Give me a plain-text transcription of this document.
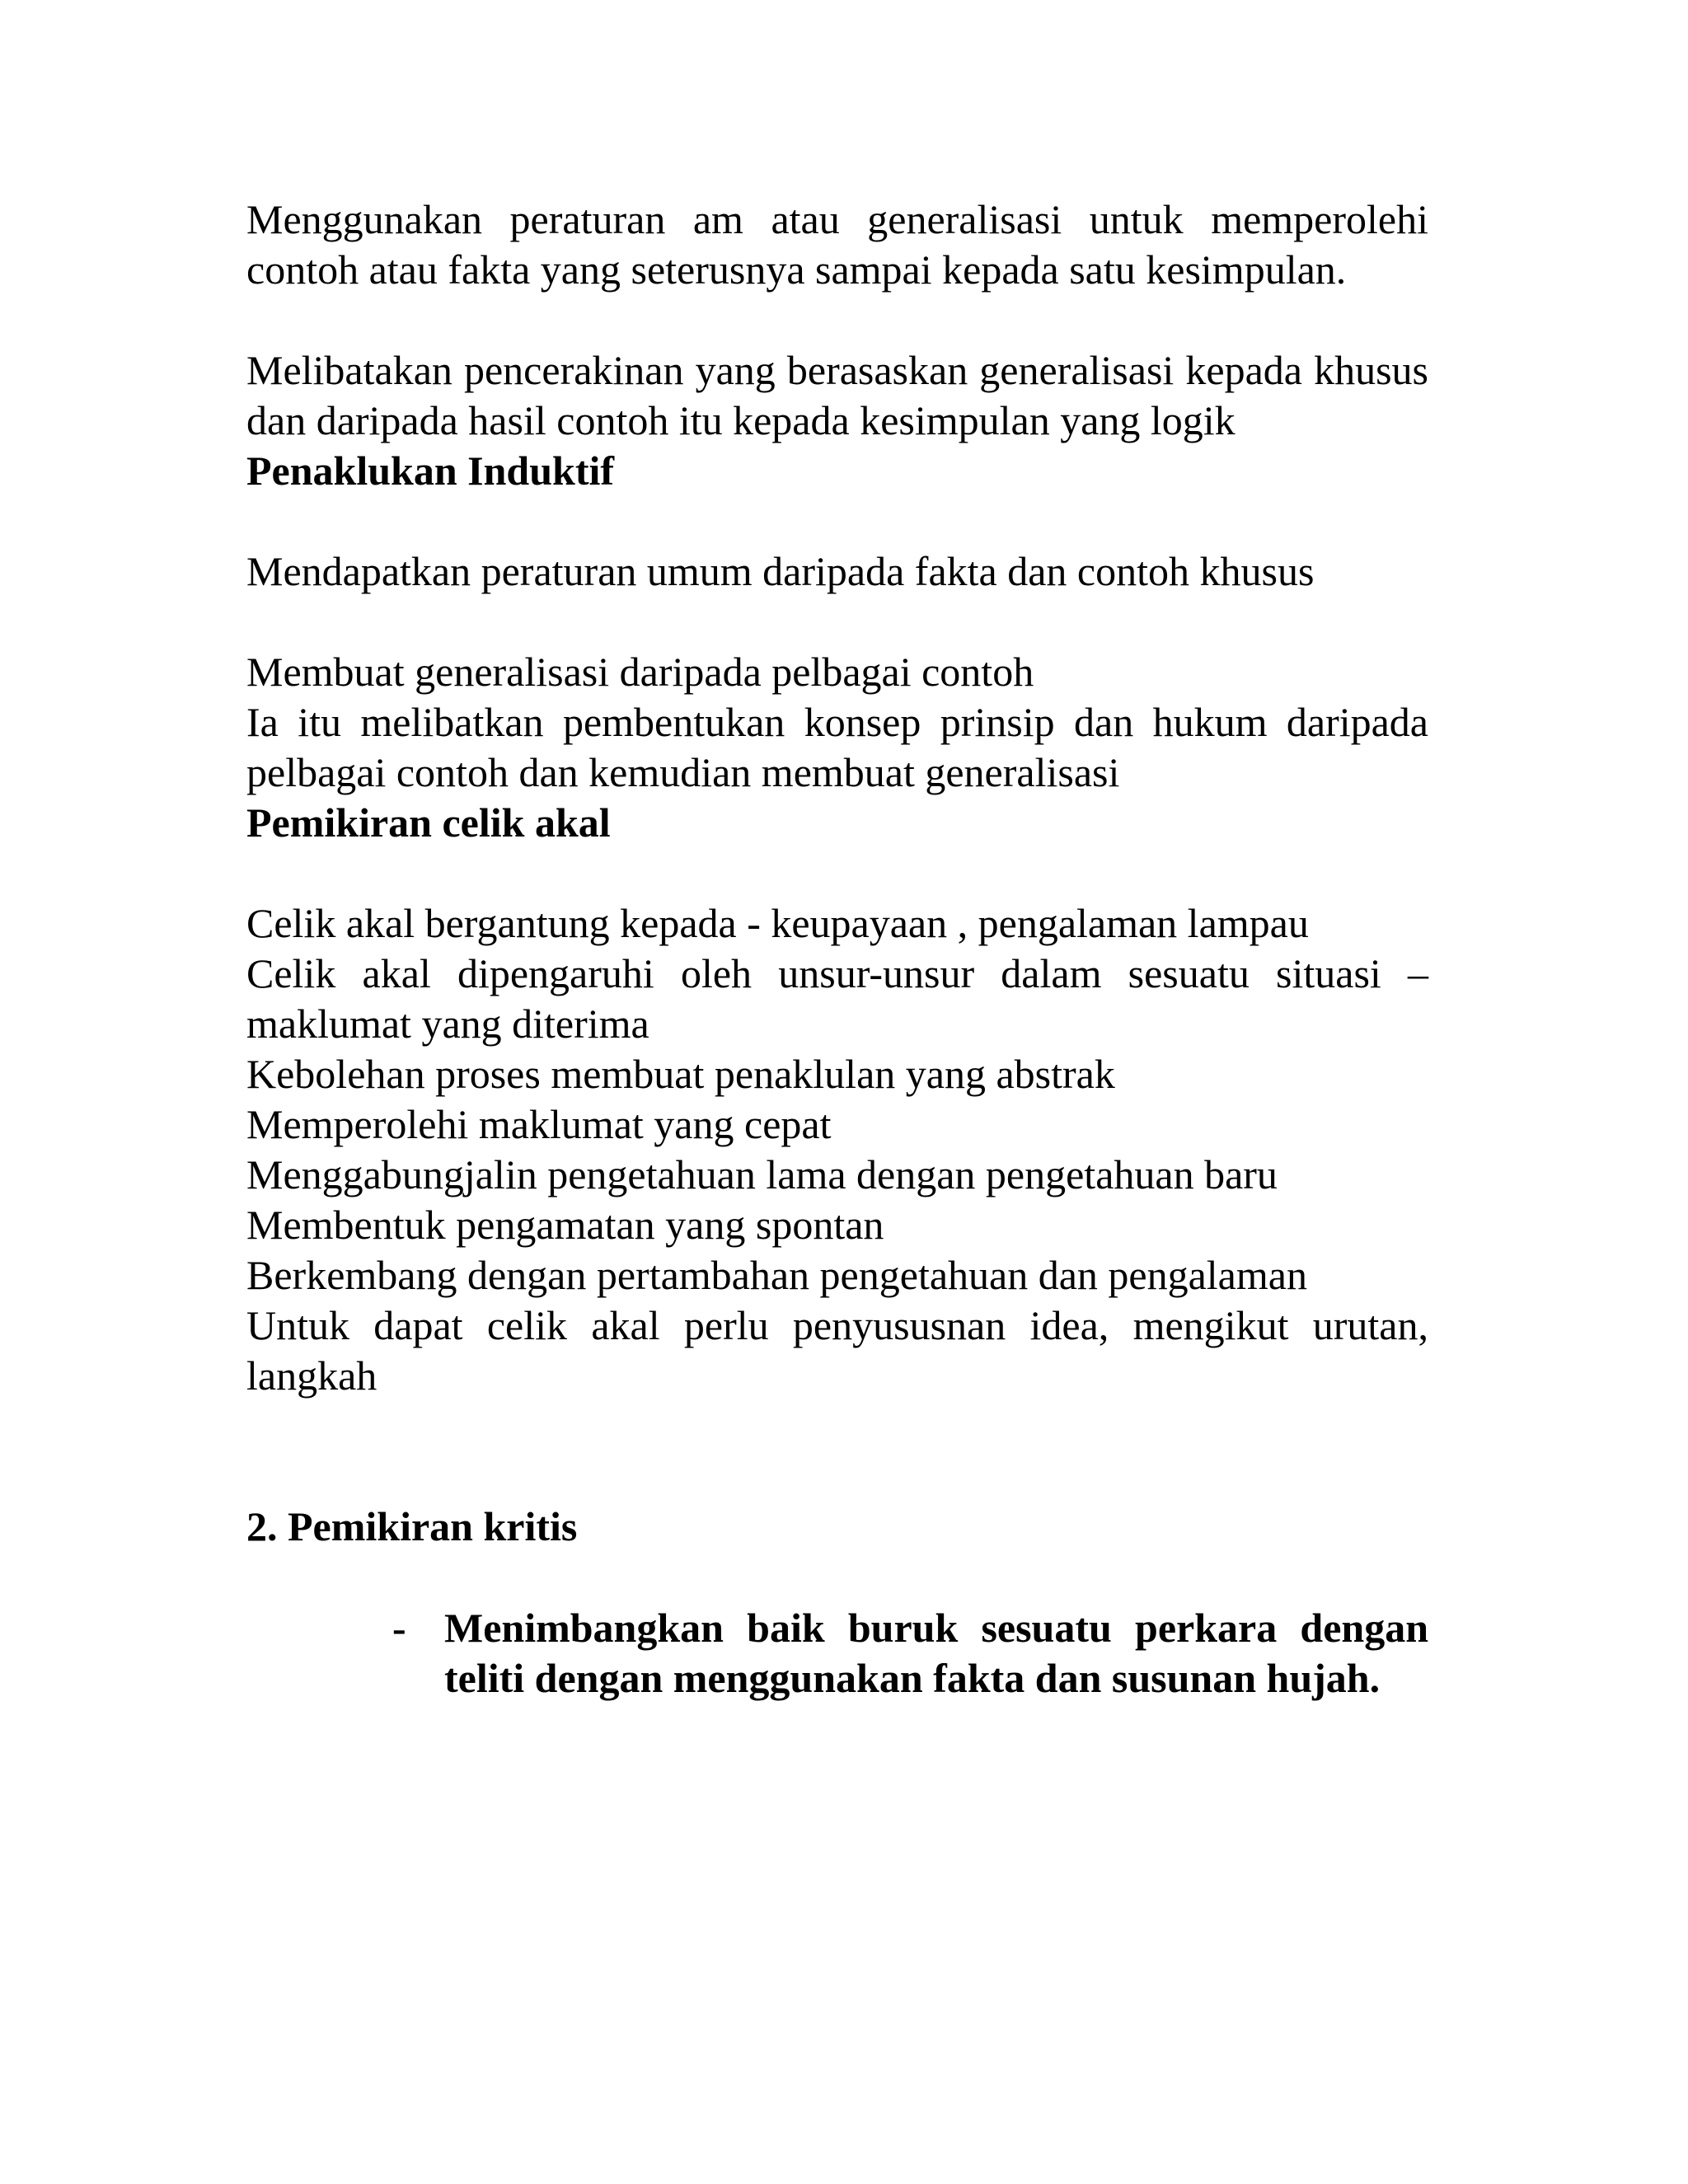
Menggunakan peraturan am atau generalisasi untuk memperolehi contoh atau fakta yang seterusnya sampai kepada satu kesimpulan.

Melibatakan pencerakinan yang berasaskan generalisasi kepada khusus dan daripada hasil contoh itu kepada kesimpulan yang logik

Penaklukan Induktif

Mendapatkan peraturan umum daripada fakta dan contoh khusus

Membuat generalisasi daripada pelbagai contoh

Ia itu melibatkan pembentukan konsep prinsip dan hukum daripada pelbagai contoh dan kemudian membuat generalisasi

Pemikiran celik akal

Celik akal bergantung kepada - keupayaan , pengalaman lampau

Celik akal dipengaruhi oleh unsur-unsur dalam sesuatu situasi – maklumat yang diterima

Kebolehan proses membuat penaklulan yang abstrak

Memperolehi maklumat yang cepat

Menggabungjalin pengetahuan lama dengan pengetahuan baru

Membentuk pengamatan yang spontan

Berkembang dengan pertambahan pengetahuan dan pengalaman

Untuk dapat celik akal perlu penyususnan idea, mengikut urutan, langkah

2. Pemikiran kritis

- Menimbangkan baik buruk sesuatu perkara dengan teliti dengan menggunakan fakta dan susunan hujah.
